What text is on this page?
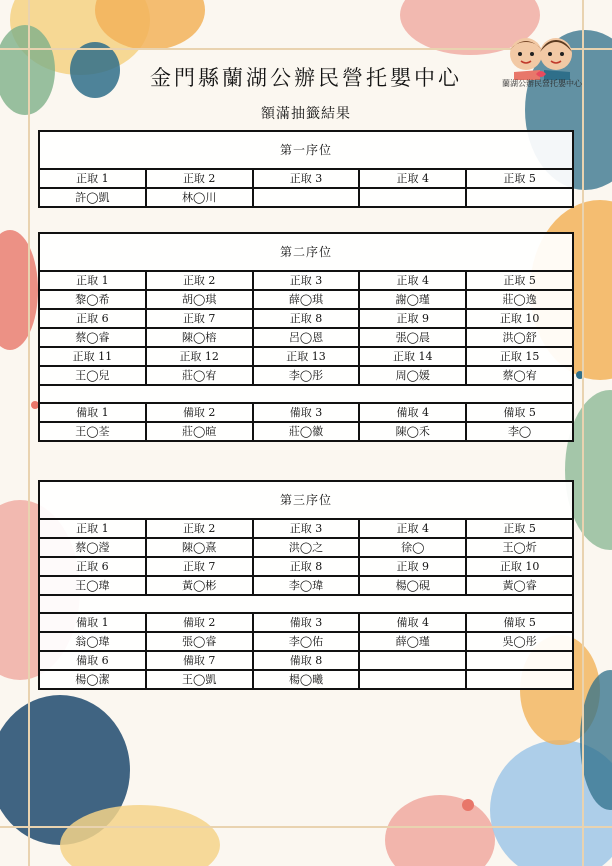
蘭湖公辦民營托嬰中心
金門縣蘭湖公辦民營托嬰中心
額滿抽籤結果
第一序位				
正取 1	正取 2	正取 3	正取 4	正取 5
許◯凱	林◯川			
第二序位				
正取 1	正取 2	正取 3	正取 4	正取 5
黎◯希	胡◯琪	薛◯琪	謝◯瑾	莊◯逸
正取 6	正取 7	正取 8	正取 9	正取 10
蔡◯睿	陳◯榕	呂◯恩	張◯晨	洪◯舒
正取 11	正取 12	正取 13	正取 14	正取 15
王◯兒	莊◯宥	李◯彤	周◯媛	蔡◯宥

備取 1	備取 2	備取 3	備取 4	備取 5
王◯荃	莊◯暄	莊◯徽	陳◯禾	李◯
第三序位				
正取 1	正取 2	正取 3	正取 4	正取 5
蔡◯瀅	陳◯熹	洪◯之	徐◯	王◯炘
正取 6	正取 7	正取 8	正取 9	正取 10
王◯瑋	黃◯彬	李◯瑋	楊◯硯	黃◯睿

備取 1	備取 2	備取 3	備取 4	備取 5
翁◯瑋	張◯睿	李◯佑	薛◯瑾	吳◯彤
備取 6	備取 7	備取 8		
楊◯潔	王◯凱	楊◯曦		
